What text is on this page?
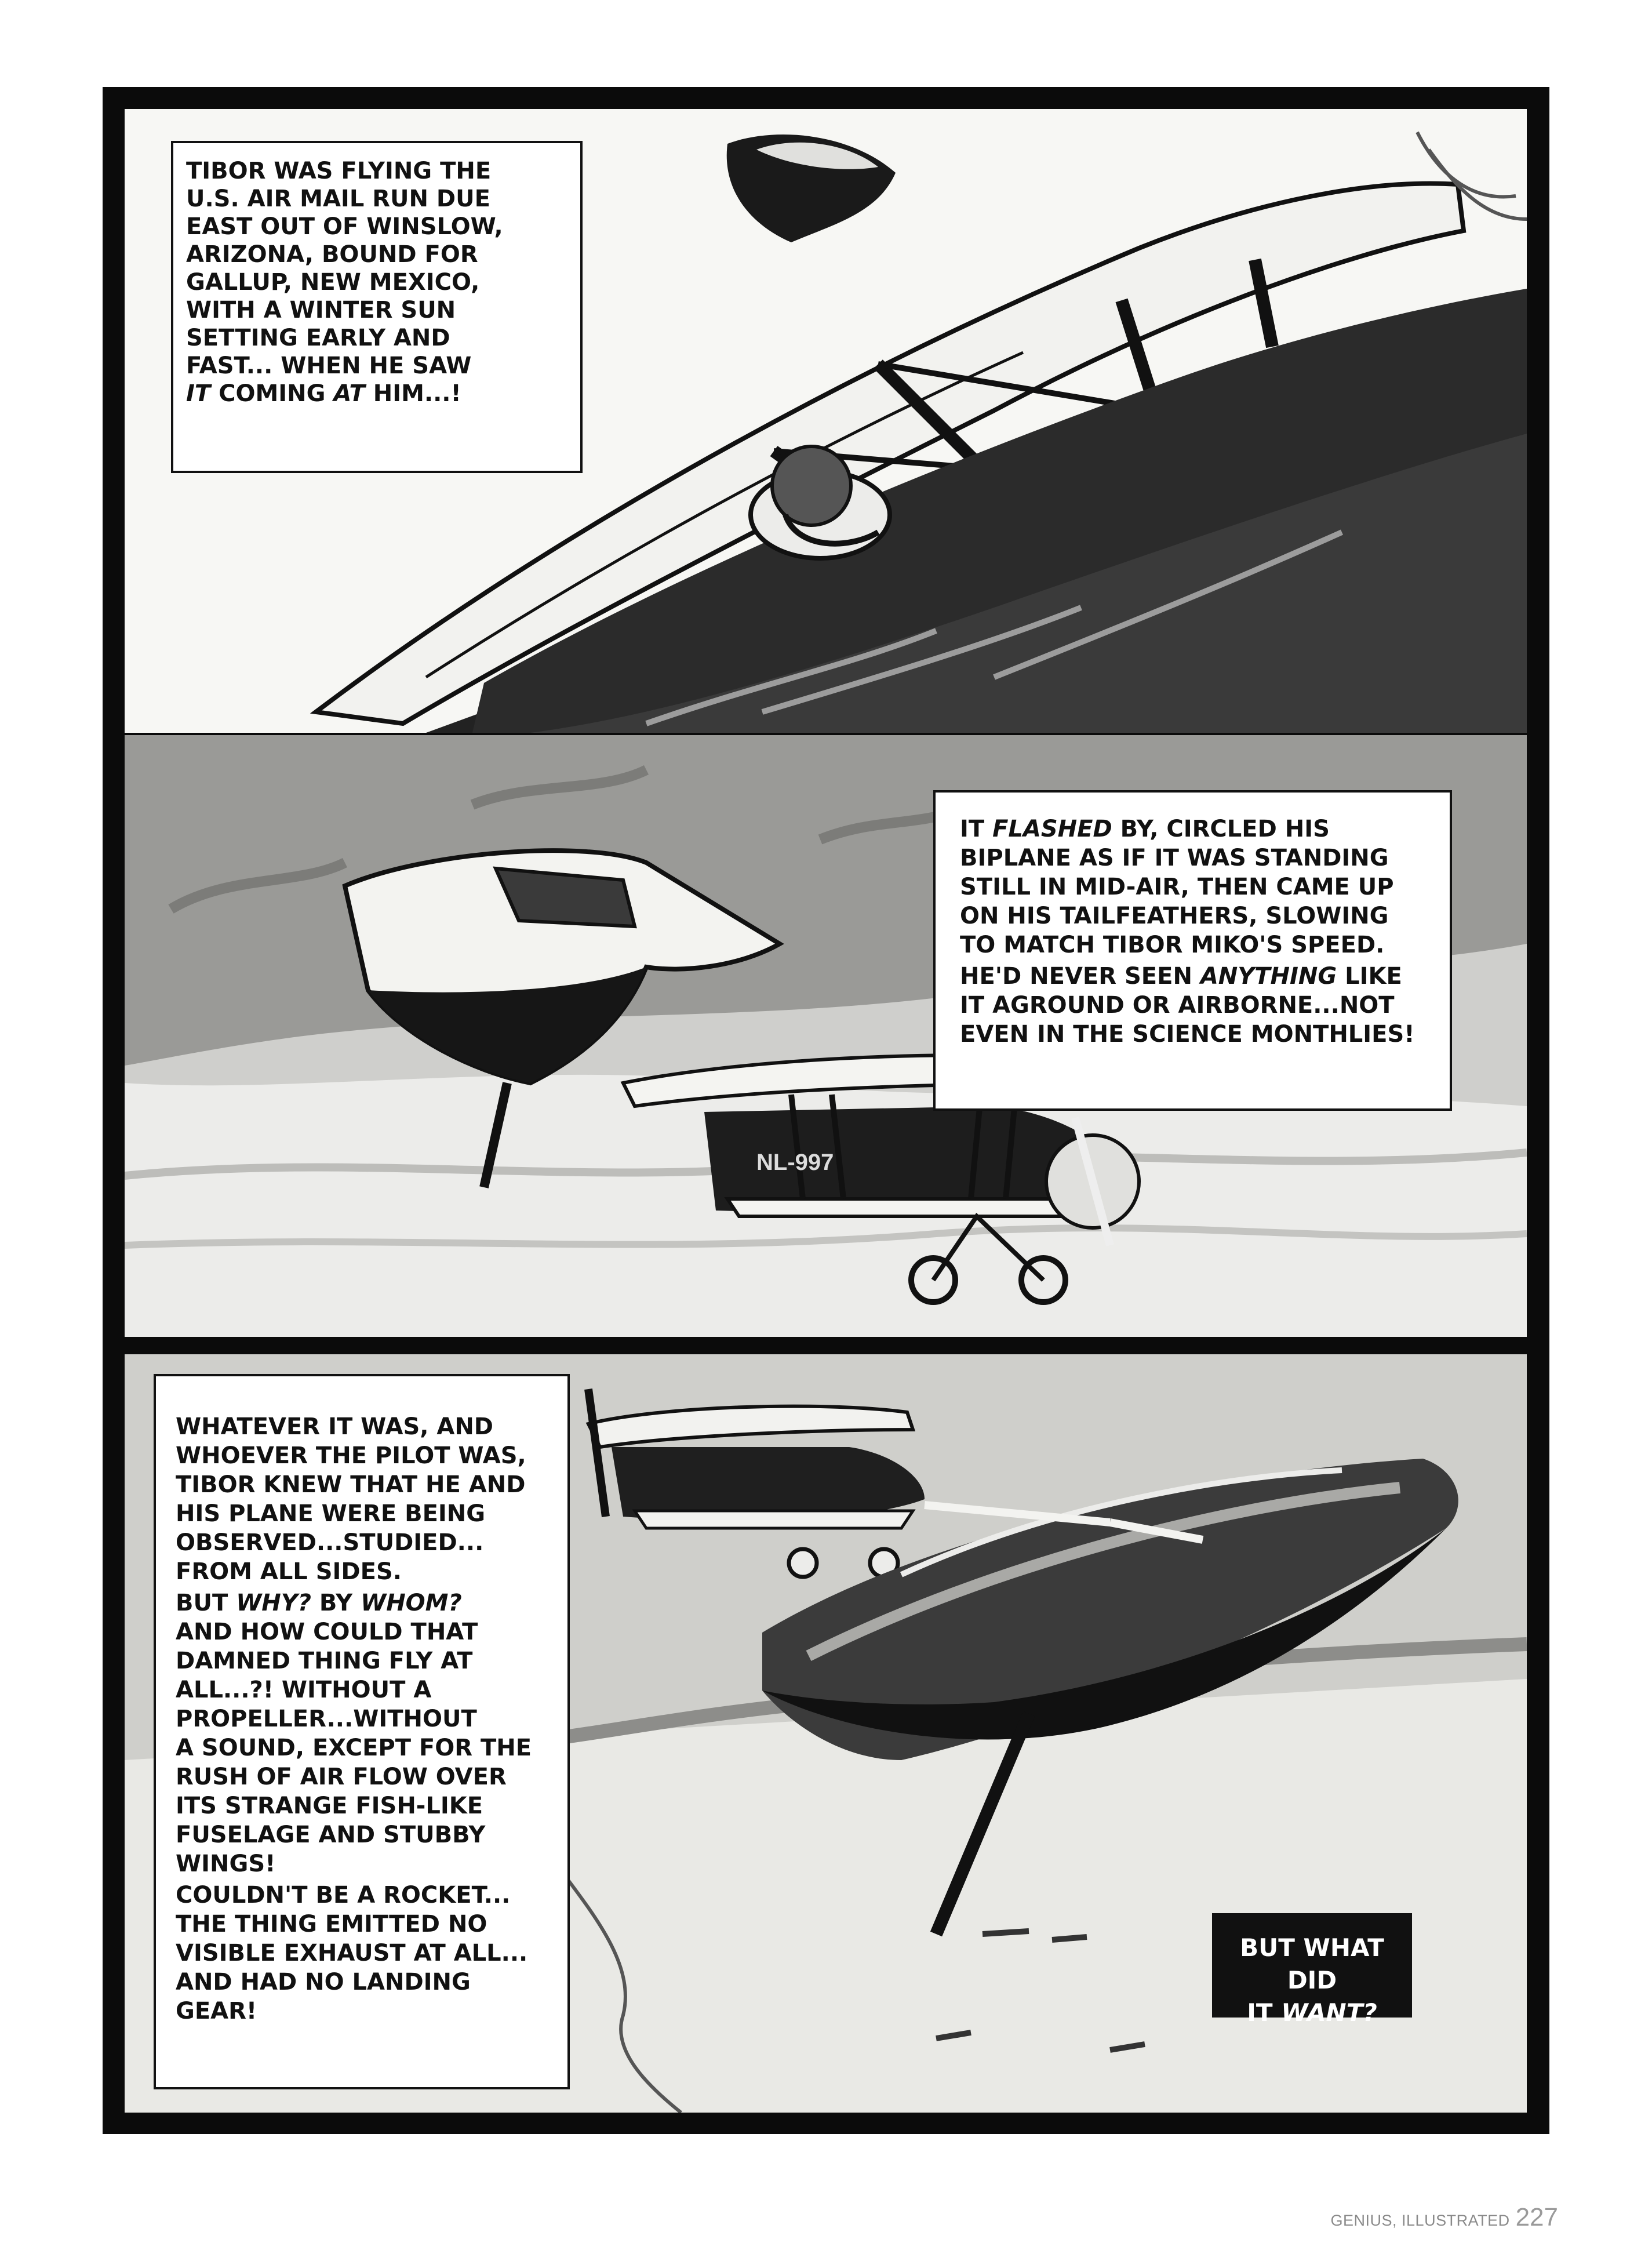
TIBOR WAS FLYING THE
U.S. AIR MAIL RUN DUE
EAST OUT OF WINSLOW,
ARIZONA, BOUND FOR
GALLUP, NEW MEXICO,
WITH A WINTER SUN
SETTING EARLY AND
FAST... WHEN HE SAW
IT COMING AT HIM...!

NL-997

IT FLASHED BY, CIRCLED HIS
BIPLANE AS IF IT WAS STANDING
STILL IN MID-AIR, THEN CAME UP
ON HIS TAILFEATHERS, SLOWING
TO MATCH TIBOR MIKO'S SPEED.

HE'D NEVER SEEN ANYTHING LIKE
IT AGROUND OR AIRBORNE...NOT
EVEN IN THE SCIENCE MONTHLIES!

WHATEVER IT WAS, AND
WHOEVER THE PILOT WAS,
TIBOR KNEW THAT HE AND
HIS PLANE WERE BEING
OBSERVED...STUDIED...
FROM ALL SIDES.

BUT WHY? BY WHOM?
AND HOW COULD THAT
DAMNED THING FLY AT
ALL...?! WITHOUT A
PROPELLER...WITHOUT
A SOUND, EXCEPT FOR THE
RUSH OF AIR FLOW OVER
ITS STRANGE FISH-LIKE
FUSELAGE AND STUBBY
WINGS!

COULDN'T BE A ROCKET...
THE THING EMITTED NO
VISIBLE EXHAUST AT ALL...
AND HAD NO LANDING GEAR!

BUT WHAT DID
IT WANT?

GENIUS, ILLUSTRATED 227
